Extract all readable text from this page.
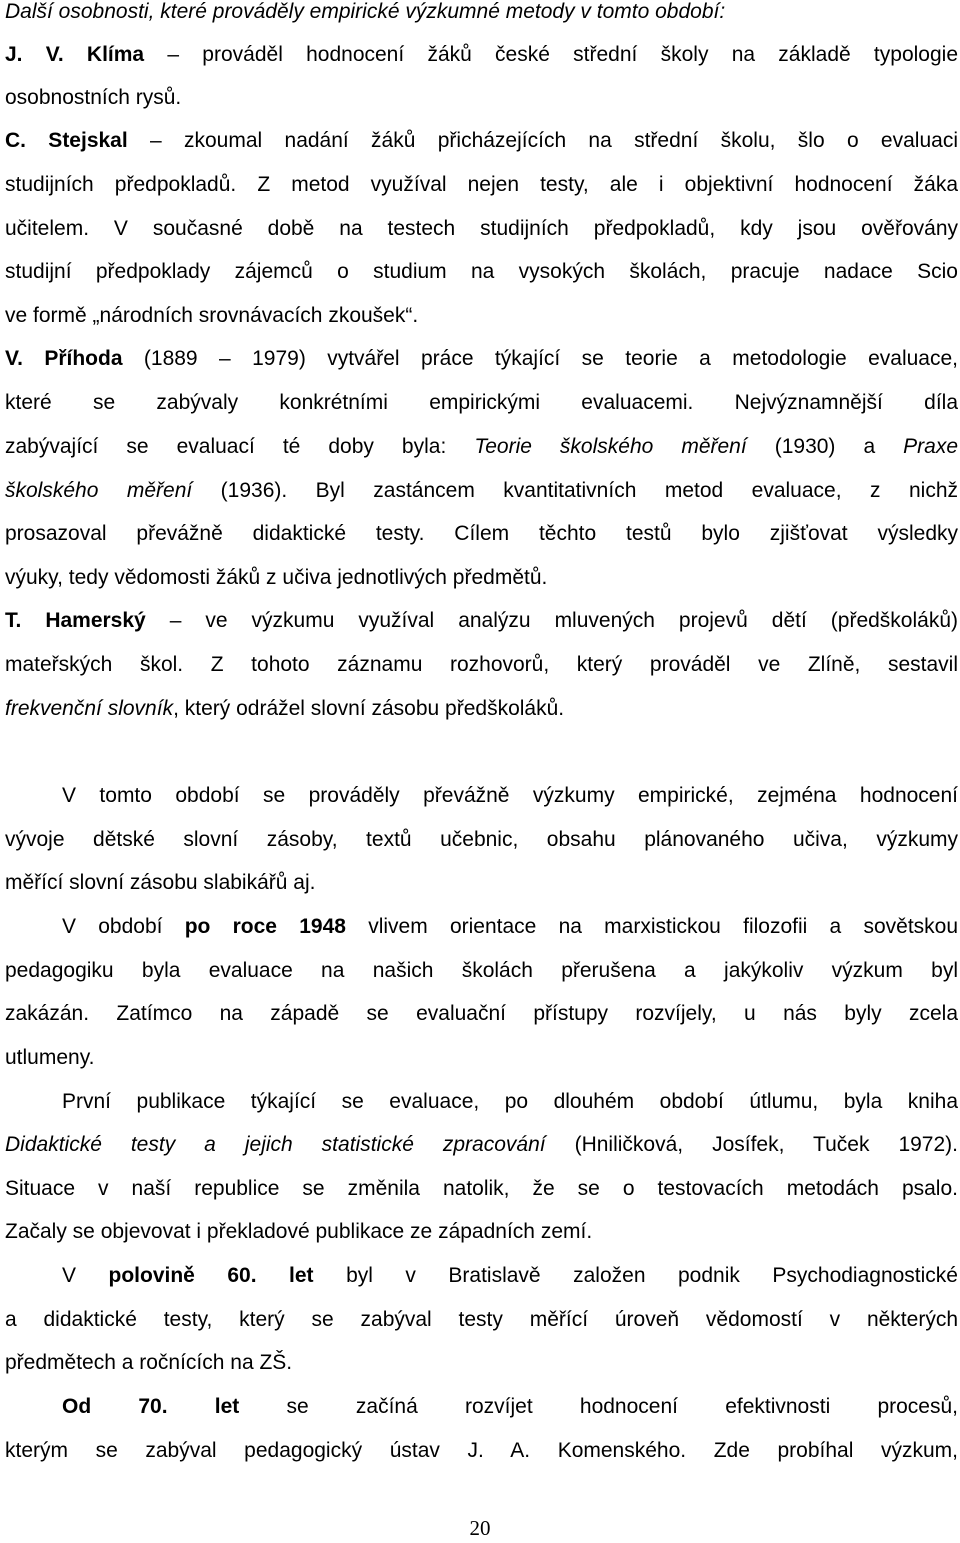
Další osobnosti, které prováděly empirické výzkumné metody v tomto období:
J. V. Klíma – prováděl hodnocení žáků české střední školy na základě typologie
osobnostních rysů.
C. Stejskal – zkoumal nadání žáků přicházejících na střední školu, šlo o evaluaci
studijních předpokladů. Z metod využíval nejen testy, ale i objektivní hodnocení žáka
učitelem. V současné době na testech studijních předpokladů, kdy jsou ověřovány
studijní předpoklady zájemců o studium na vysokých školách, pracuje nadace Scio
ve formě „národních srovnávacích zkoušek“.
V. Příhoda (1889 – 1979) vytvářel práce týkající se teorie a metodologie evaluace,
které se zabývaly konkrétními empirickými evaluacemi. Nejvýznamnější díla
zabývající se evaluací té doby byla: Teorie školského měření (1930) a Praxe
školského měření (1936). Byl zastáncem kvantitativních metod evaluace, z nichž
prosazoval převážně didaktické testy. Cílem těchto testů bylo zjišťovat výsledky
výuky, tedy vědomosti žáků z učiva jednotlivých předmětů.
T. Hamerský – ve výzkumu využíval analýzu mluvených projevů dětí (předškoláků)
mateřských škol. Z tohoto záznamu rozhovorů, který prováděl ve Zlíně, sestavil
frekvenční slovník, který odrážel slovní zásobu předškoláků.
V tomto období se prováděly převážně výzkumy empirické, zejména hodnocení
vývoje dětské slovní zásoby, textů učebnic, obsahu plánovaného učiva, výzkumy
měřící slovní zásobu slabikářů aj.
V období po roce 1948 vlivem orientace na marxistickou filozofii a sovětskou
pedagogiku byla evaluace na našich školách přerušena a jakýkoliv výzkum byl
zakázán. Zatímco na západě se evaluační přístupy rozvíjely, u nás byly zcela
utlumeny.
První publikace týkající se evaluace, po dlouhém období útlumu, byla kniha
Didaktické testy a jejich statistické zpracování (Hniličková, Josífek, Tuček 1972).
Situace v naší republice se změnila natolik, že se o testovacích metodách psalo.
Začaly se objevovat i překladové publikace ze západních zemí.
V polovině 60. let byl v Bratislavě založen podnik Psychodiagnostické
a didaktické testy, který se zabýval testy měřící úroveň vědomostí v některých
předmětech a ročnících na ZŠ.
Od 70. let se začíná rozvíjet hodnocení efektivnosti procesů,
kterým se zabýval pedagogický ústav J. A. Komenského. Zde probíhal výzkum,
20
